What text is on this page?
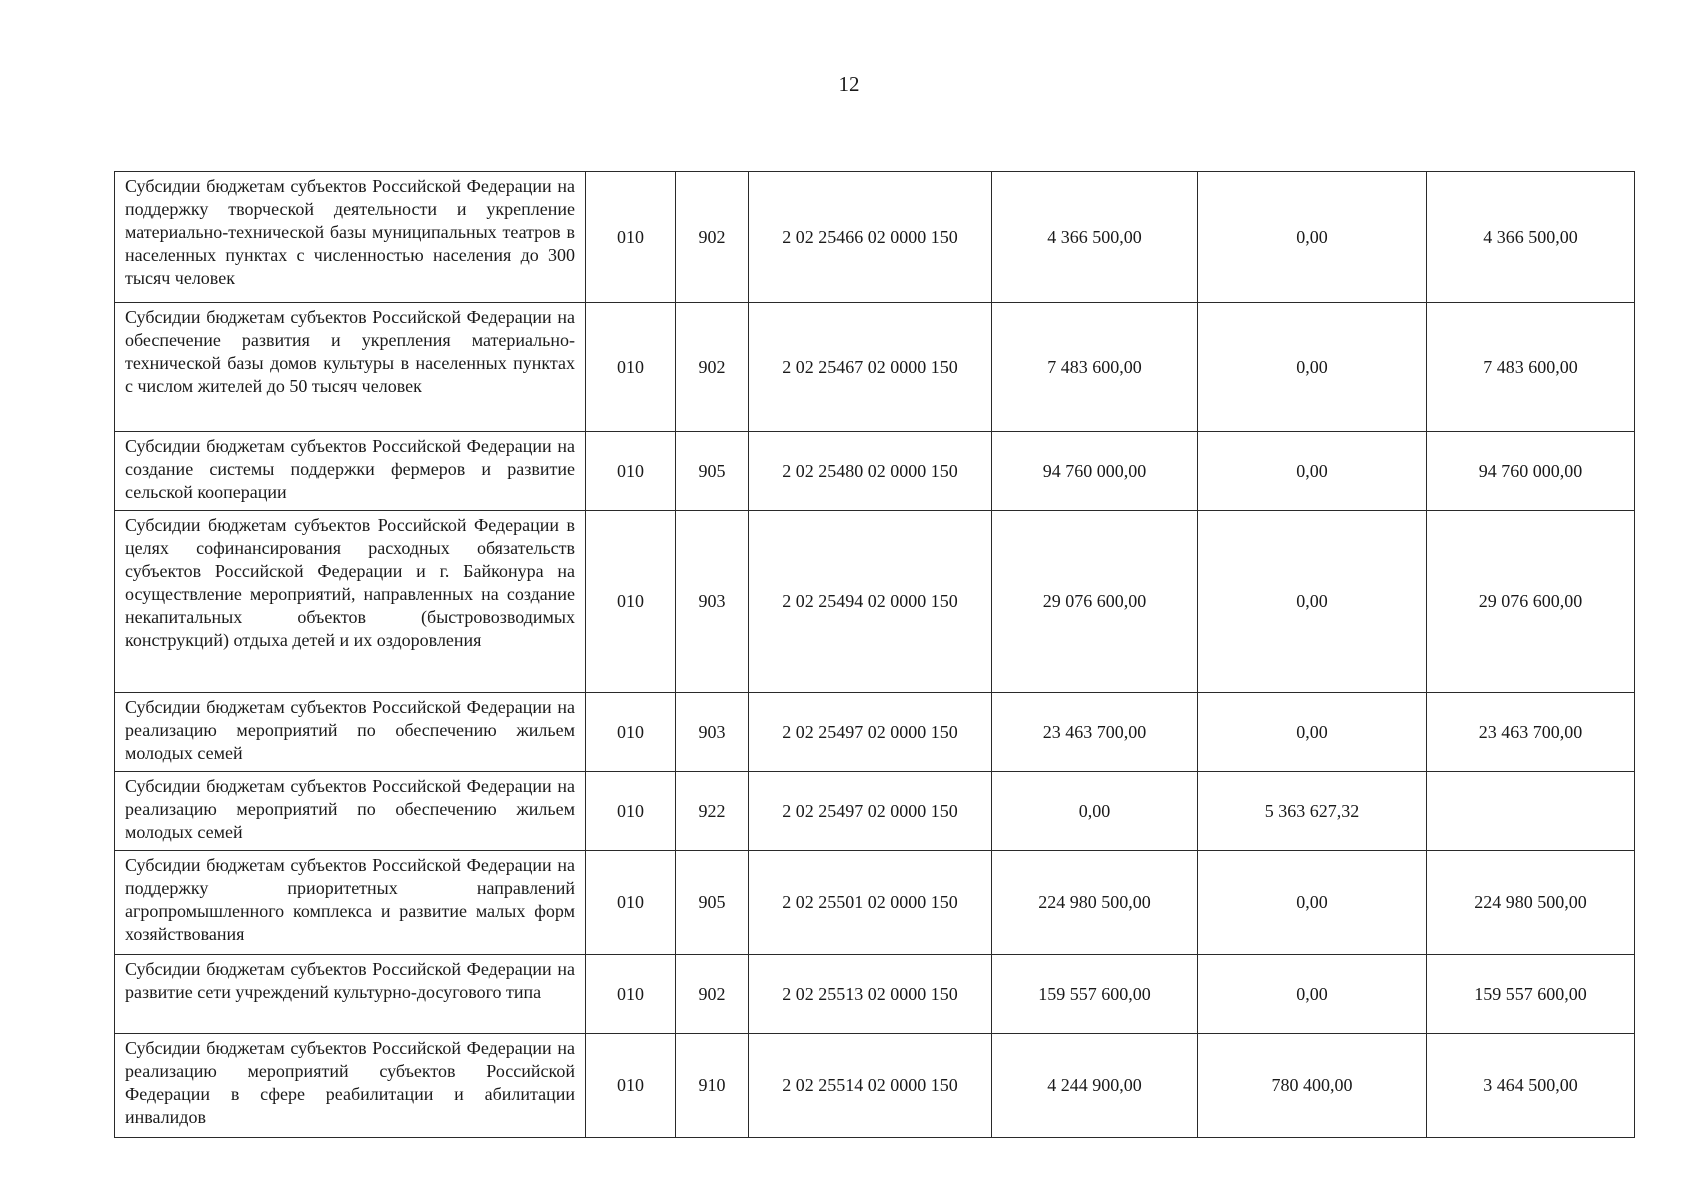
12
Субсидии бюджетам субъектов Российской Федерации на поддержку творческой деятельности и укрепление материально-технической базы муниципальных театров в населенных пунктах с численностью населения до 300 тысяч человек	010	902	2 02 25466 02 0000 150	4 366 500,00	0,00	4 366 500,00
Субсидии бюджетам субъектов Российской Федерации на обеспечение развития и укрепления материально-технической базы домов культуры в населенных пунктах с числом жителей до 50 тысяч человек	010	902	2 02 25467 02 0000 150	7 483 600,00	0,00	7 483 600,00
Субсидии бюджетам субъектов Российской Федерации на создание системы поддержки фермеров и развитие сельской кооперации	010	905	2 02 25480 02 0000 150	94 760 000,00	0,00	94 760 000,00
Субсидии бюджетам субъектов Российской Федерации в целях софинансирования расходных обязательств субъектов Российской Федерации и г. Байконура на осуществление мероприятий, направленных на создание некапитальных объектов (быстровозводимых конструкций) отдыха детей и их оздоровления	010	903	2 02 25494 02 0000 150	29 076 600,00	0,00	29 076 600,00
Субсидии бюджетам субъектов Российской Федерации на реализацию мероприятий по обеспечению жильем молодых семей	010	903	2 02 25497 02 0000 150	23 463 700,00	0,00	23 463 700,00
Субсидии бюджетам субъектов Российской Федерации на реализацию мероприятий по обеспечению жильем молодых семей	010	922	2 02 25497 02 0000 150	0,00	5 363 627,32	
Субсидии бюджетам субъектов Российской Федерации на поддержку приоритетных направлений агропромышленного комплекса и развитие малых форм хозяйствования	010	905	2 02 25501 02 0000 150	224 980 500,00	0,00	224 980 500,00
Субсидии бюджетам субъектов Российской Федерации на развитие сети учреждений культурно-досугового типа	010	902	2 02 25513 02 0000 150	159 557 600,00	0,00	159 557 600,00
Субсидии бюджетам субъектов Российской Федерации на реализацию мероприятий субъектов Российской Федерации в сфере реабилитации и абилитации инвалидов	010	910	2 02 25514 02 0000 150	4 244 900,00	780 400,00	3 464 500,00
